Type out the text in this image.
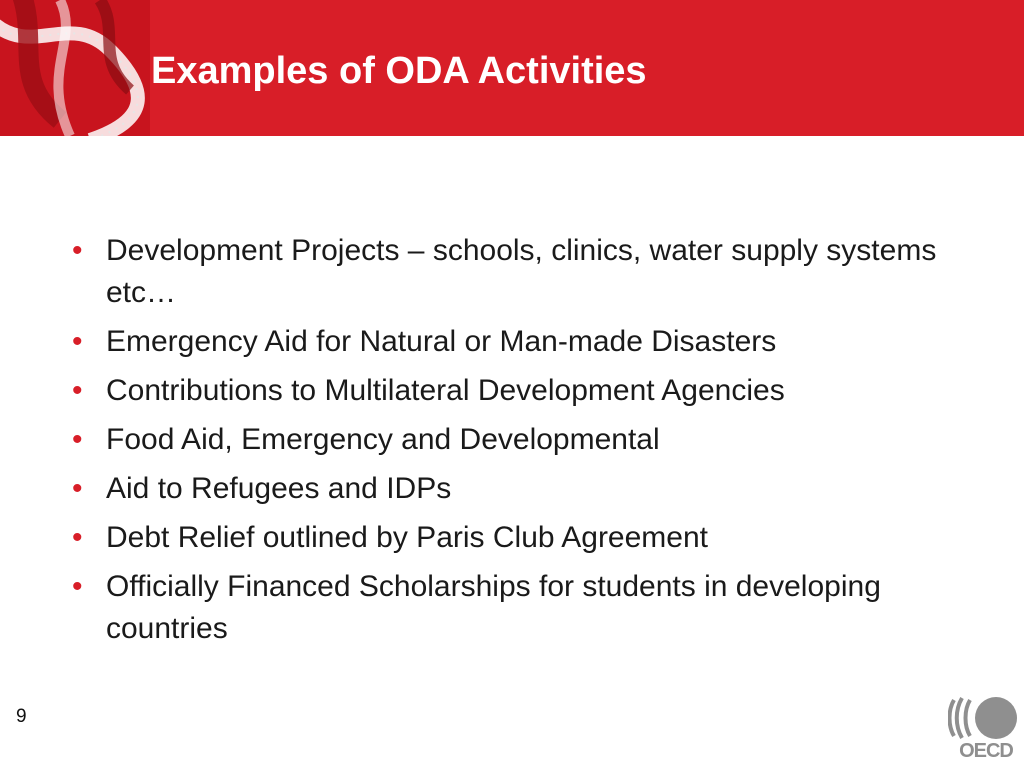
Examples of ODA Activities
• Development Projects – schools, clinics, water supply systems etc…
• Emergency Aid for Natural or Man-made Disasters
• Contributions to Multilateral Development Agencies
• Food Aid, Emergency and Developmental
• Aid to Refugees and IDPs
• Debt Relief outlined by Paris Club Agreement
• Officially Financed Scholarships for students in developing countries
9
OECD
